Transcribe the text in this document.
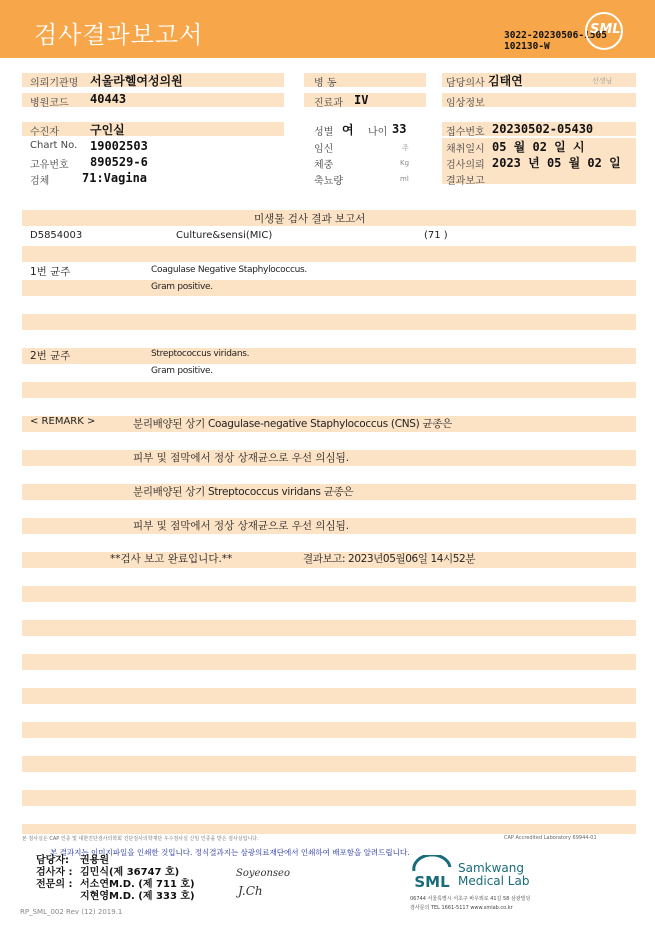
검사결과보고서	3022-20230506-1505
102130-W
SML
의뢰기관명 서울라헬여성의원	병 동	담당의사 김태연	선생님
병원코드 40443	진료과 IV	임상정보
수진자	구인실	성별 여 나이 33	접수번호 20230502-05430
Chart No. 19002503	임신	주	채취일시 05 월 02 일 시
고유번호 890529-6	체중	Kg	검사의뢰 2023 년 05 월 02 일
검체	71:Vagina	축뇨량	ml	결과보고
미생물 검사 결과 보고서
D5854003	Culture&sensi(MIC)	(71 )
1번 균주	Coagulase Negative Staphylococcus.
Gram positive.
2번 균주	Streptococcus viridans.
Gram positive.
< REMARK >	분리배양된 상기 Coagulase-negative Staphylococcus (CNS) 균종은
피부 및 점막에서 정상 상재균으로 우선 의심됨.
분리배양된 상기 Streptococcus viridans 균종은
피부 및 점막에서 정상 상재균으로 우선 의심됨.
**검사 보고 완료입니다.**	결과보고: 2023년05월06일 14시52분
본 검사실은 CAP 인증 및 대한진단검사의학회 진단검사의학재단 우수검사실 신임 인증을 받은 검사실입니다.	CAP Accredited Laboratory 69944-01
본 결과지는 이미지파일을 인쇄한 것입니다. 정식결과지는 삼광의료재단에서 인쇄하여 배포함을 알려드립니다.
담당자: 권용원
검사자 : 김민식(제 36747 호)
전문의 : 서소연M.D. (제 711 호)
지현영M.D. (제 333 호)
Soyeonseo
J.Ch	SML
Samkwang
Medical Lab
06744 서울특별시 서초구 바우뫼로 41길 58 삼광빌딩
검사문의 TEL 1661-5117 www.smlab.co.kr
RP_SML_002 Rev (12) 2019.1
